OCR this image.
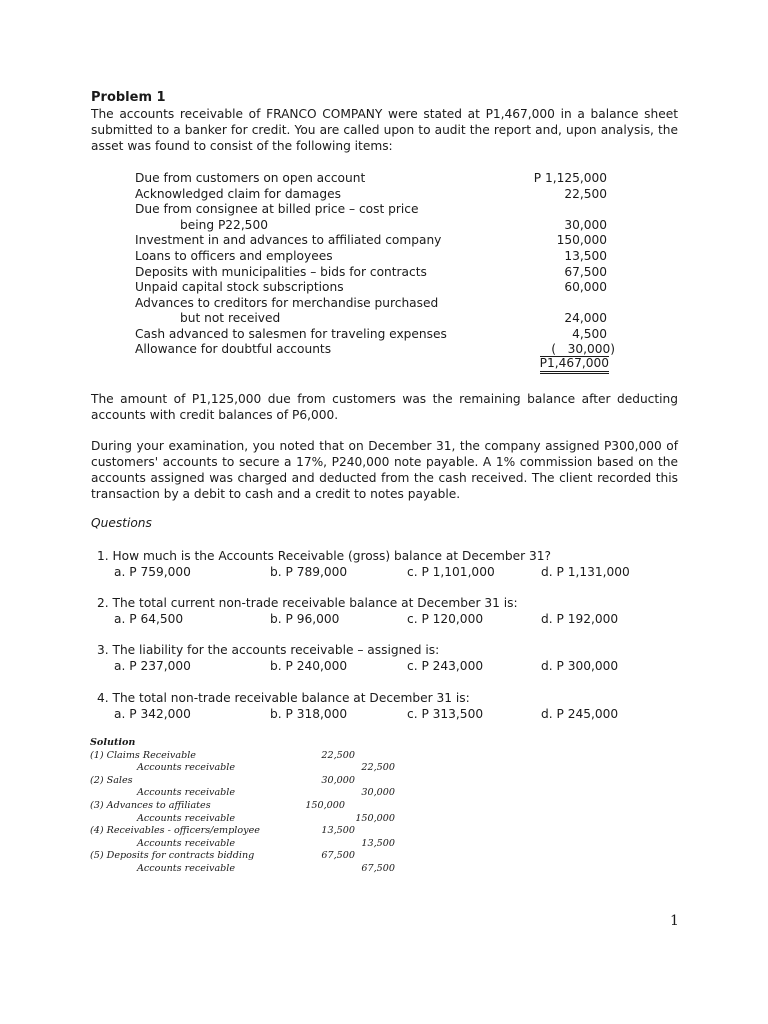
Problem 1

The accounts receivable of FRANCO COMPANY were stated at P1,467,000 in a balance sheet submitted to a banker for credit. You are called upon to audit the report and, upon analysis, the asset was found to consist of the following items:

Due from customers on open account	P 1,125,000
Acknowledged claim for damages	22,500
Due from consignee at billed price – cost price
being P22,500	30,000
Investment in and advances to affiliated company	150,000
Loans to officers and employees	13,500
Deposits with municipalities – bids for contracts	67,500
Unpaid capital stock subscriptions	60,000
Advances to creditors for merchandise purchased
but not received	24,000
Cash advanced to salesmen for traveling expenses	4,500
Allowance for doubtful accounts	(   30,000)
P1,467,000

The amount of P1,125,000 due from customers was the remaining balance after deducting accounts with credit balances of P6,000.

During your examination, you noted that on December 31, the company assigned P300,000 of customers' accounts to secure a 17%, P240,000 note payable. A 1% commission based on the accounts assigned was charged and deducted from the cash received. The client recorded this transaction by a debit to cash and a credit to notes payable.

Questions
1. How much is the Accounts Receivable (gross) balance at December 31?
a. P 759,000	b. P 789,000	c. P 1,101,000	d. P 1,131,000
2. The total current non-trade receivable balance at December 31 is:
a. P 64,500	b. P 96,000	c. P 120,000	d. P 192,000
3. The liability for the accounts receivable – assigned is:
a. P 237,000	b. P 240,000	c. P 243,000	d. P 300,000
4. The total non-trade receivable balance at December 31 is:
a. P 342,000	b. P 318,000	c. P 313,500	d. P 245,000
Solution
(1) Claims Receivable	22,500
Accounts receivable	22,500
(2) Sales	30,000
Accounts receivable	30,000
(3) Advances to affiliates	150,000
Accounts receivable	150,000
(4) Receivables - officers/employee	13,500
Accounts receivable	13,500
(5) Deposits for contracts bidding	67,500
Accounts receivable	67,500
1
